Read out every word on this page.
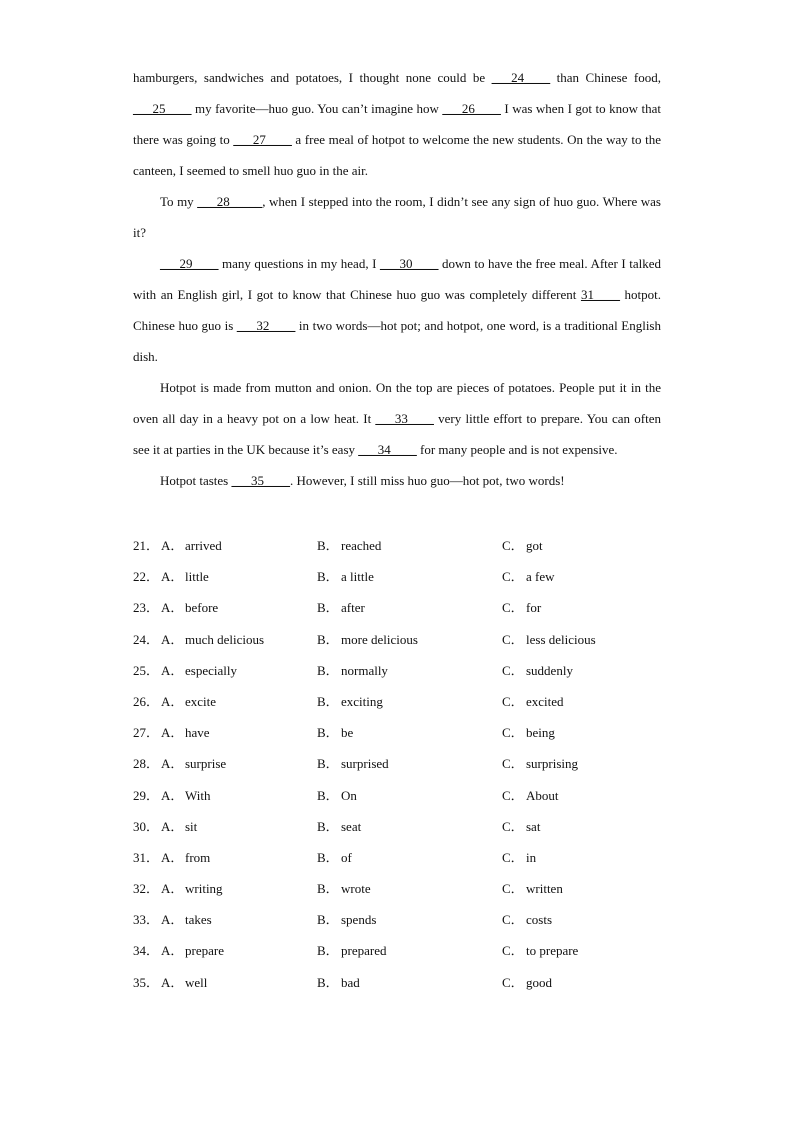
hamburgers, sandwiches and potatoes, I thought none could be ___24____ than Chinese food, ___25____ my favorite—huo guo. You can’t imagine how ___26____ I was when I got to know that there was going to ___27____ a free meal of hotpot to welcome the new students. On the way to the canteen, I seemed to smell huo guo in the air.

To my ___28_____, when I stepped into the room, I didn’t see any sign of huo guo. Where was it?

___29____ many questions in my head, I ___30____ down to have the free meal. After I talked with an English girl, I got to know that Chinese huo guo was completely different 31____ hotpot. Chinese huo guo is ___32____ in two words—hot pot; and hotpot, one word, is a traditional English dish.

Hotpot is made from mutton and onion. On the top are pieces of potatoes. People put it in the oven all day in a heavy pot on a low heat. It ___33____ very little effort to prepare. You can often see it at parties in the UK because it’s easy ___34____ for many people and is not expensive.

Hotpot tastes ___35____. However, I still miss huo guo—hot pot, two words!

21． A． arrived	B． reached	C． got
22． A． little	B． a little	C． a few
23． A． before	B． after	C． for
24． A． much delicious	B． more delicious	C． less delicious
25． A． especially	B． normally	C． suddenly
26． A． excite	B． exciting	C． excited
27． A． have	B． be	C． being
28． A． surprise	B． surprised	C． surprising
29． A． With	B． On	C． About
30． A． sit	B． seat	C． sat
31． A． from	B． of	C． in
32． A． writing	B． wrote	C． written
33． A． takes	B． spends	C． costs
34． A． prepare	B． prepared	C． to prepare
35． A． well	B． bad	C． good
